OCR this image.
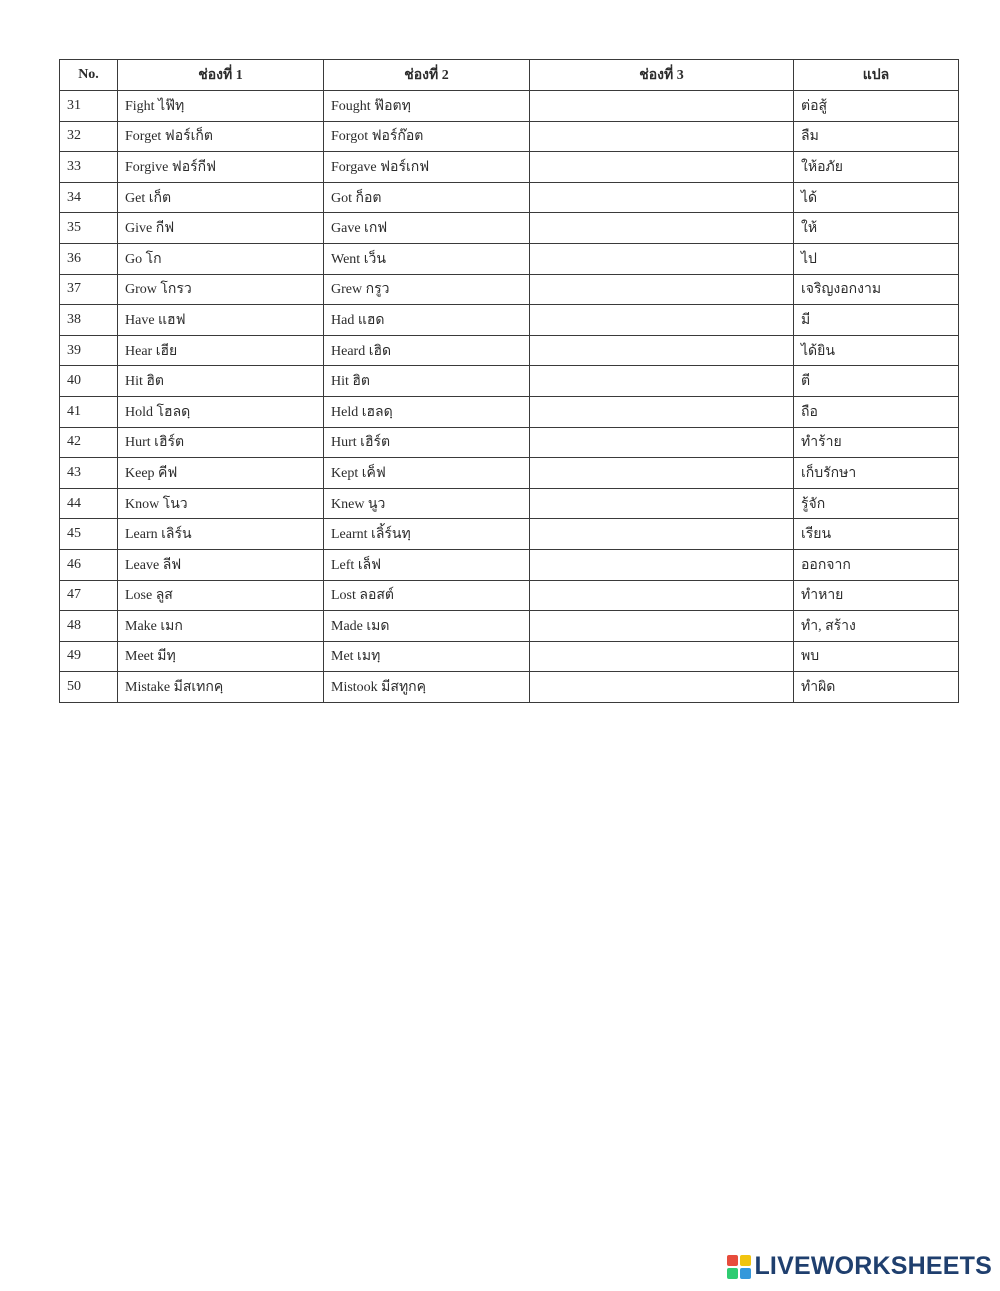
No.	ช่องที่ 1	ช่องที่ 2	ช่องที่ 3	แปล
31	Fight ไฟ๊ทฺ	Fought ฟ๊อตทฺ		ต่อสู้
32	Forget ฟอร์เก็ต	Forgot ฟอร์ก๊อต		ลืม
33	Forgive ฟอร์กีฟ	Forgave ฟอร์เกฟ		ให้อภัย
34	Get เก็ต	Got ก็อต		ได้
35	Give กีฟ	Gave เกฟ		ให้
36	Go โก	Went เว็น		ไป
37	Grow โกรว	Grew กรูว		เจริญงอกงาม
38	Have แฮฟ	Had แฮด		มี
39	Hear เฮีย	Heard เฮิด		ได้ยิน
40	Hit ฮิต	Hit ฮิต		ตี
41	Hold โฮลดฺ	Held เฮลดฺ		ถือ
42	Hurt เฮิร์ต	Hurt เฮิร์ต		ทำร้าย
43	Keep คีฟ	Kept เค็ฟ		เก็บรักษา
44	Know โนว	Knew นูว		รู้จัก
45	Learn เลิร์น	Learnt เลิ้ร์นทฺ		เรียน
46	Leave ลีฟ	Left เล็ฟ		ออกจาก
47	Lose ลูส	Lost ลอสต์		ทำหาย
48	Make เมก	Made เมด		ทำ, สร้าง
49	Meet มีทฺ	Met เมทฺ		พบ
50	Mistake มีสเทกคฺ	Mistook มีสทูกคฺ		ทำผิด
LIVEWORKSHEETS
